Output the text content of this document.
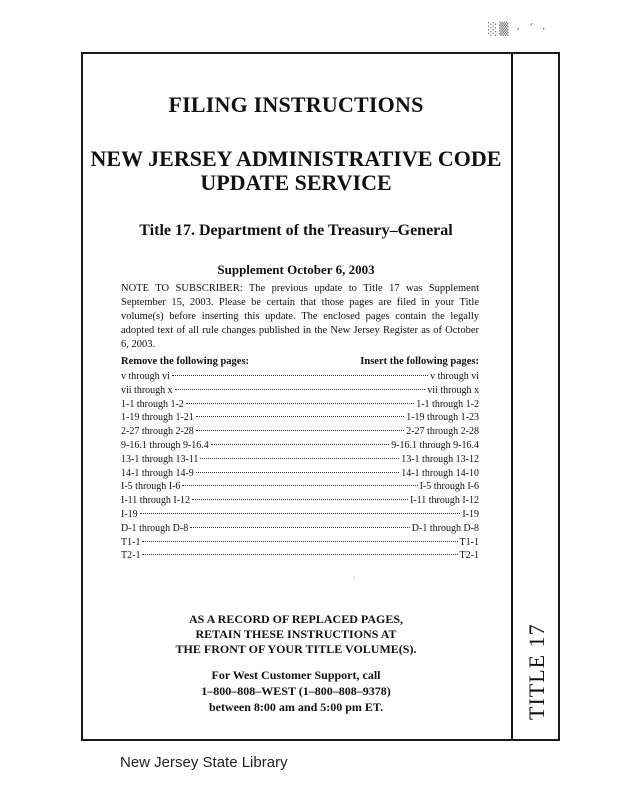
░▒ · ´ ·
TITLE 17
FILING INSTRUCTIONS
NEW JERSEY ADMINISTRATIVE CODE
UPDATE SERVICE
Title 17. Department of the Treasury–General
Supplement October 6, 2003
NOTE TO SUBSCRIBER: The previous update to Title 17 was Supplement September 15, 2003. Please be certain that those pages are filed in your Title volume(s) before inserting this update. The enclosed pages contain the legally adopted text of all rule changes published in the New Jersey Register as of October 6, 2003.
Remove the following pages:	Insert the following pages:
v through vi	v through vi
vii through x	vii through x
1-1 through 1-2	1-1 through 1-2
1-19 through 1-21	1-19 through 1-23
2-27 through 2-28	2-27 through 2-28
9-16.1 through 9-16.4	9-16.1 through 9-16.4
13-1 through 13-11	13-1 through 13-12
14-1 through 14-9	14-1 through 14-10
I-5 through I-6	I-5 through I-6
I-11 through I-12	I-11 through I-12
I-19	I-19
D-1 through D-8	D-1 through D-8
T1-1	T1-1
T2-1	T2-1
·
AS A RECORD OF REPLACED PAGES,
RETAIN THESE INSTRUCTIONS AT
THE FRONT OF YOUR TITLE VOLUME(S).
For West Customer Support, call
1–800–808–WEST (1–800–808–9378)
between 8:00 am and 5:00 pm ET.
New Jersey State Library
